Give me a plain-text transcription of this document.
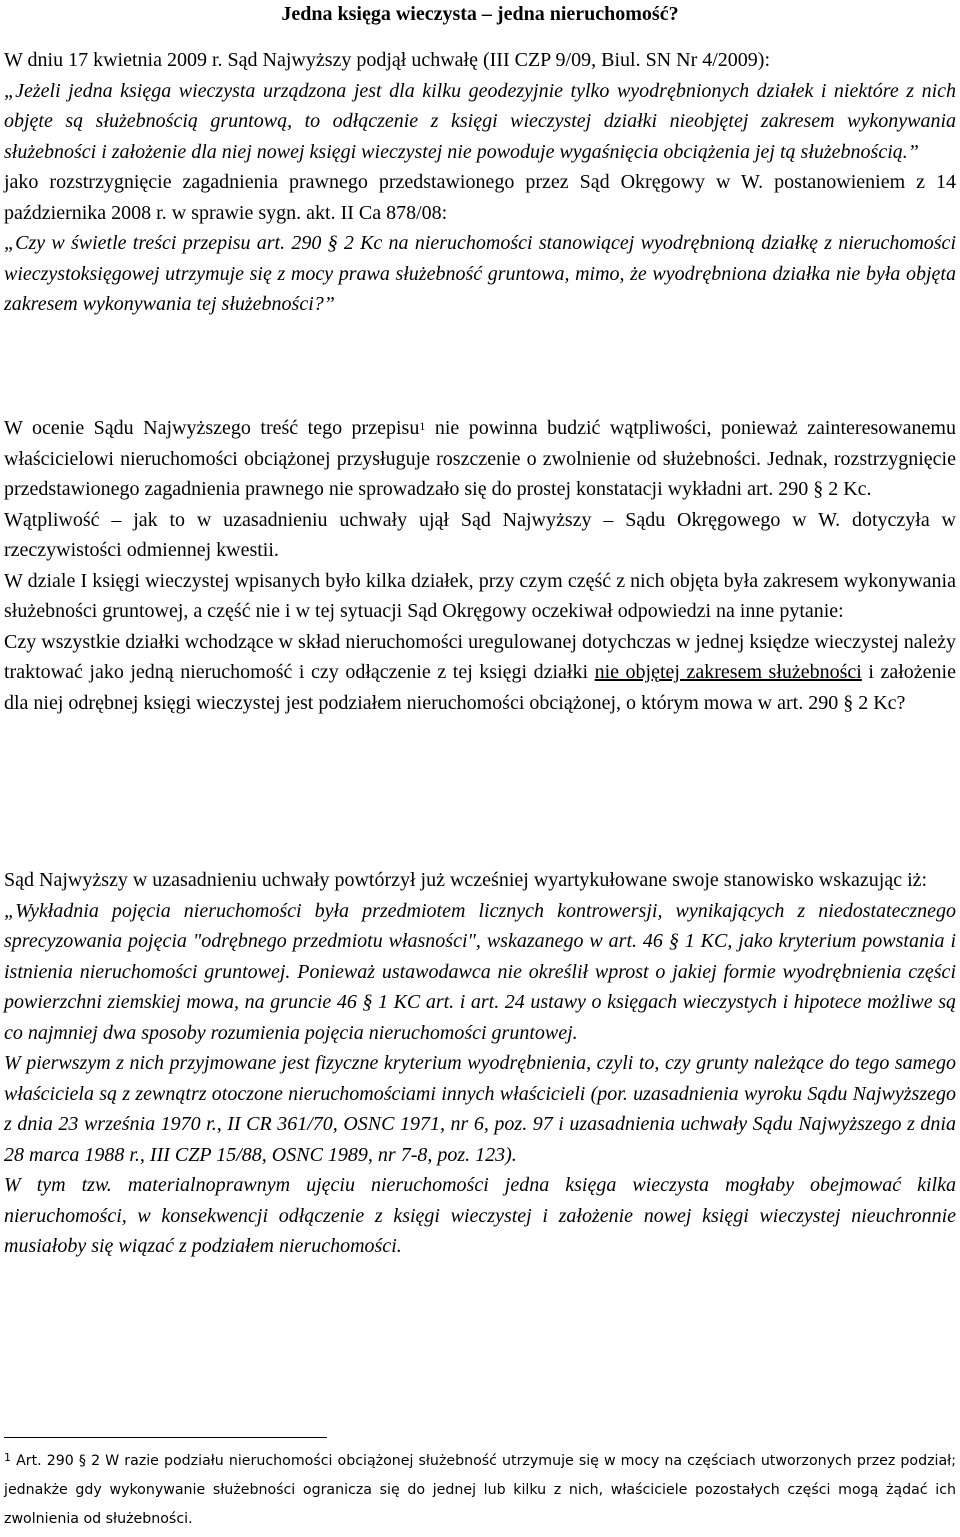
Jedna księga wieczysta – jedna nieruchomość?

W dniu 17 kwietnia 2009 r. Sąd Najwyższy podjął uchwałę (III CZP 9/09, Biul. SN Nr 4/2009):

„Jeżeli jedna księga wieczysta urządzona jest dla kilku geodezyjnie tylko wyodrębnionych działek i niektóre z nich objęte są służebnością gruntową, to odłączenie z księgi wieczystej działki nieobjętej zakresem wykonywania służebności i założenie dla niej nowej księgi wieczystej nie powoduje wygaśnięcia obciążenia jej tą służebnością.”

jako rozstrzygnięcie zagadnienia prawnego przedstawionego przez Sąd Okręgowy w W. postanowieniem z 14 października 2008 r. w sprawie sygn. akt. II Ca 878/08:

„Czy w świetle treści przepisu art. 290 § 2 Kc na nieruchomości stanowiącej wyodrębnioną działkę z nieruchomości wieczystoksięgowej utrzymuje się z mocy prawa służebność gruntowa, mimo, że wyodrębniona działka nie była objęta zakresem wykonywania tej służebności?”

W ocenie Sądu Najwyższego treść tego przepisu$^1$ nie powinna budzić wątpliwości, ponieważ zainteresowanemu właścicielowi nieruchomości obciążonej przysługuje roszczenie o zwolnienie od służebności. Jednak, rozstrzygnięcie przedstawionego zagadnienia prawnego nie sprowadzało się do prostej konstatacji wykładni art. 290 § 2 Kc.

Wątpliwość – jak to w uzasadnieniu uchwały ujął Sąd Najwyższy – Sądu Okręgowego w W. dotyczyła w rzeczywistości odmiennej kwestii.

W dziale I księgi wieczystej wpisanych było kilka działek, przy czym część z nich objęta była zakresem wykonywania służebności gruntowej, a część nie i w tej sytuacji Sąd Okręgowy oczekiwał odpowiedzi na inne pytanie:

Czy wszystkie działki wchodzące w skład nieruchomości uregulowanej dotychczas w jednej księdze wieczystej należy traktować jako jedną nieruchomość i czy odłączenie z tej księgi działki nie objętej zakresem służebności i założenie dla niej odrębnej księgi wieczystej jest podziałem nieruchomości obciążonej, o którym mowa w art. 290 § 2 Kc?

Sąd Najwyższy w uzasadnieniu uchwały powtórzył już wcześniej wyartykułowane swoje stanowisko wskazując iż:

„Wykładnia pojęcia nieruchomości była przedmiotem licznych kontrowersji, wynikających z niedostatecznego sprecyzowania pojęcia "odrębnego przedmiotu własności", wskazanego w art. 46 § 1 KC, jako kryterium powstania i istnienia nieruchomości gruntowej. Ponieważ ustawodawca nie określił wprost o jakiej formie wyodrębnienia części powierzchni ziemskiej mowa, na gruncie 46 § 1 KC art. i art. 24 ustawy o księgach wieczystych i hipotece możliwe są co najmniej dwa sposoby rozumienia pojęcia nieruchomości gruntowej.

W pierwszym z nich przyjmowane jest fizyczne kryterium wyodrębnienia, czyli to, czy grunty należące do tego samego właściciela są z zewnątrz otoczone nieruchomościami innych właścicieli (por. uzasadnienia wyroku Sądu Najwyższego z dnia 23 września 1970 r., II CR 361/70, OSNC 1971, nr 6, poz. 97 i uzasadnienia uchwały Sądu Najwyższego z dnia 28 marca 1988 r., III CZP 15/88, OSNC 1989, nr 7-8, poz. 123).

W tym tzw. materialnoprawnym ujęciu nieruchomości jedna księga wieczysta mogłaby obejmować kilka nieruchomości, w konsekwencji odłączenie z księgi wieczystej i założenie nowej księgi wieczystej nieuchronnie musiałoby się wiązać z podziałem nieruchomości.

$^1$ Art. 290 § 2 W razie podziału nieruchomości obciążonej służebność utrzymuje się w mocy na częściach utworzonych przez podział; jednakże gdy wykonywanie służebności ogranicza się do jednej lub kilku z nich, właściciele pozostałych części mogą żądać ich zwolnienia od służebności.
